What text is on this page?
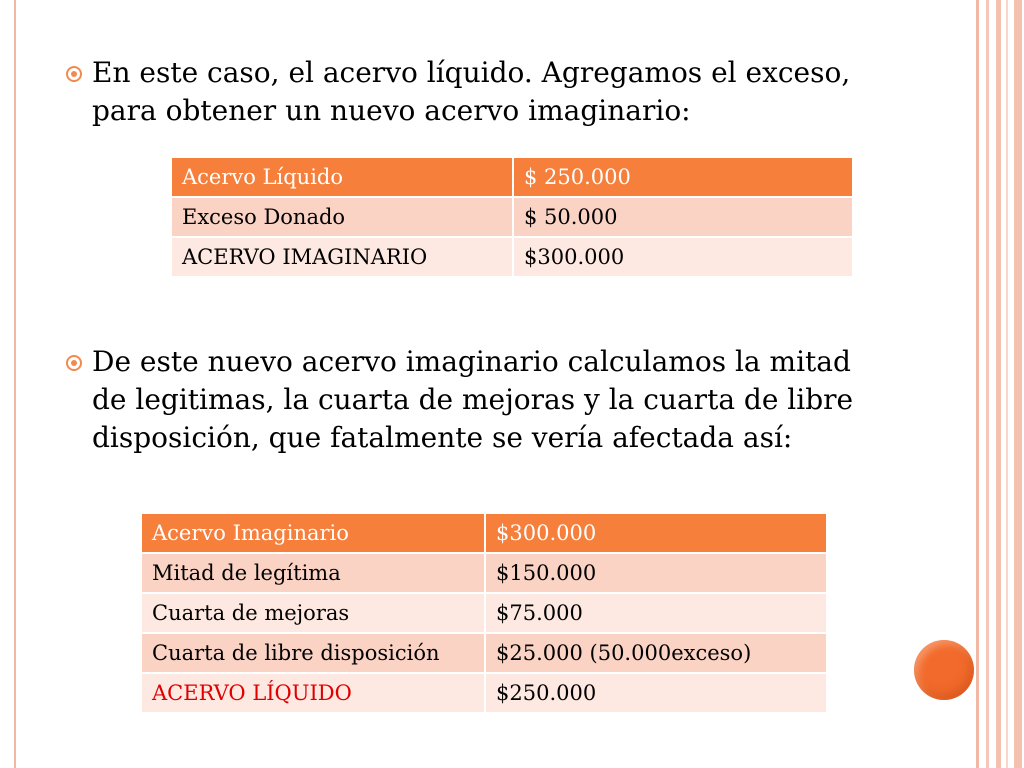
En este caso, el acervo líquido. Agregamos el exceso, para obtener un nuevo acervo imaginario:
Acervo Líquido	$ 250.000
Exceso Donado	$ 50.000
ACERVO IMAGINARIO	$300.000
De este nuevo acervo imaginario calculamos la mitad de legitimas, la cuarta de mejoras y la cuarta de libre disposición, que fatalmente se vería afectada así:
Acervo Imaginario	$300.000
Mitad de legítima	$150.000
Cuarta de mejoras	$75.000
Cuarta de libre disposición	$25.000 (50.000exceso)
ACERVO LÍQUIDO	$250.000
